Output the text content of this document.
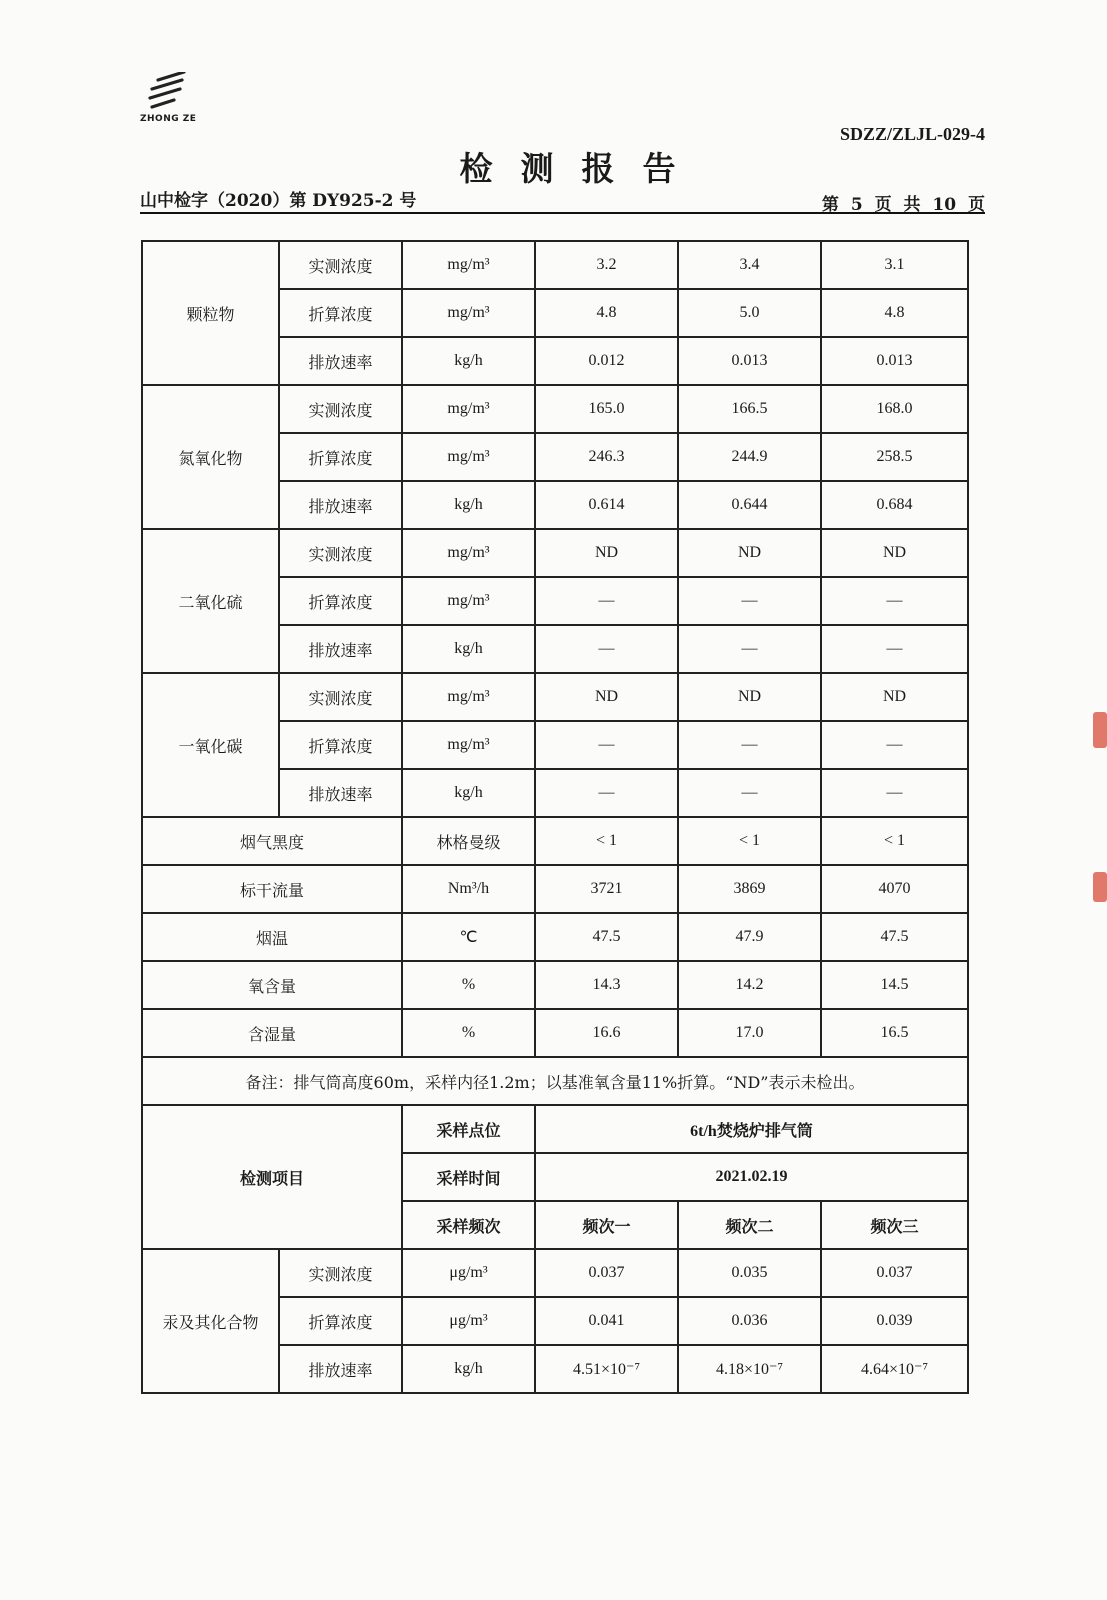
ZHONG ZE
SDZZ/ZLJL-029-4
检测报告
山中检字（2020）第 DY925-2 号	第 5 页 共 10 页
颗粒物	实测浓度	mg/m³	3.2	3.4	3.1
	折算浓度	mg/m³	4.8	5.0	4.8
	排放速率	kg/h	0.012	0.013	0.013
氮氧化物	实测浓度	mg/m³	165.0	166.5	168.0
	折算浓度	mg/m³	246.3	244.9	258.5
	排放速率	kg/h	0.614	0.644	0.684
二氧化硫	实测浓度	mg/m³	ND	ND	ND
	折算浓度	mg/m³	—	—	—
	排放速率	kg/h	—	—	—
一氧化碳	实测浓度	mg/m³	ND	ND	ND
	折算浓度	mg/m³	—	—	—
	排放速率	kg/h	—	—	—
烟气黑度		林格曼级	< 1	< 1	< 1
标干流量		Nm³/h	3721	3869	4070
烟温		℃	47.5	47.9	47.5
氧含量		%	14.3	14.2	14.5
含湿量		%	16.6	17.0	16.5
备注：排气筒高度60m，采样内径1.2m；以基准氧含量11%折算。“ND”表示未检出。					
检测项目		采样点位	6t/h焚烧炉排气筒		
		采样时间	2021.02.19		
		采样频次	频次一	频次二	频次三
汞及其化合物	实测浓度	μg/m³	0.037	0.035	0.037
	折算浓度	μg/m³	0.041	0.036	0.039
	排放速率	kg/h	4.51×10⁻⁷	4.18×10⁻⁷	4.64×10⁻⁷
